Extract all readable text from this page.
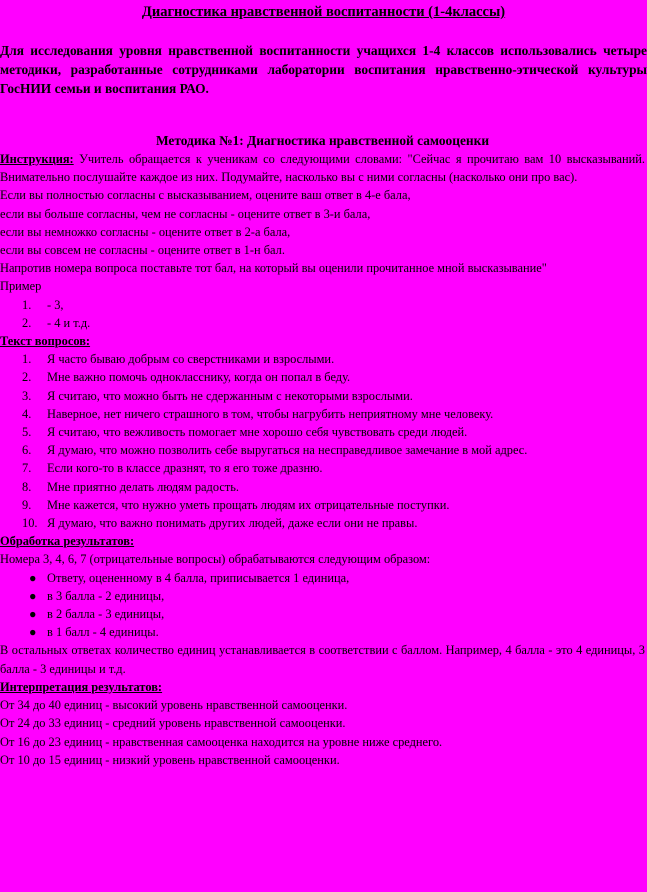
Диагностика нравственной воспитанности (1-4классы)

Для исследования уровня нравственной воспитанности учащихся 1-4 классов использовались четыре методики, разработанные сотрудниками лаборатории воспитания нравственно-этической культуры ГосНИИ семьи и воспитания РАО.

Методика №1: Диагностика нравственной самооценки

Инструкция: Учитель обращается к ученикам со следующими словами: "Сейчас я прочитаю вам 10 высказываний. Внимательно послушайте каждое из них. Подумайте, насколько вы с ними согласны (насколько они про вас).

Если вы полностью согласны с высказыванием, оцените ваш ответ в 4-е бала,

если вы больше согласны, чем не согласны - оцените ответ в 3-и бала,

если вы немножко согласны - оцените ответ в 2-а бала,

если вы совсем не согласны - оцените ответ в 1-н бал.

Напротив номера вопроса поставьте тот бал, на который вы оценили прочитанное мной высказывание"

Пример

1.	- 3,
2.	- 4 и т.д.

Текст вопросов:

1.	Я часто бываю добрым со сверстниками и взрослыми.
2.	Мне важно помочь однокласснику, когда он попал в беду.
3.	Я считаю, что можно быть не сдержанным с некоторыми взрослыми.
4.	Наверное, нет ничего страшного в том, чтобы нагрубить неприятному мне человеку.
5.	Я считаю, что вежливость помогает мне хорошо себя чувствовать среди людей.
6.	Я думаю, что можно позволить себе выругаться на несправедливое замечание в мой адрес.
7.	Если кого-то в классе дразнят, то я его тоже дразню.
8.	Мне приятно делать людям радость.
9.	Мне кажется, что нужно уметь прощать людям их отрицательные поступки.
10. Я думаю, что важно понимать других людей, даже если они не правы.

Обработка результатов:

Номера 3, 4, 6, 7 (отрицательные вопросы) обрабатываются следующим образом:

● Ответу, оцененному в 4 балла, приписывается 1 единица,
● в 3 балла - 2 единицы,
● в 2 балла - 3 единицы,
● в 1 балл - 4 единицы.

В остальных ответах количество единиц устанавливается в соответствии с баллом. Например, 4 балла - это 4 единицы, 3 балла - 3 единицы и т.д.

Интерпретация результатов:

От 34 до 40 единиц - высокий уровень нравственной самооценки.

От 24 до 33 единиц - средний уровень нравственной самооценки.

От 16 до 23 единиц - нравственная самооценка находится на уровне ниже среднего.

От 10 до 15 единиц - низкий уровень нравственной самооценки.
